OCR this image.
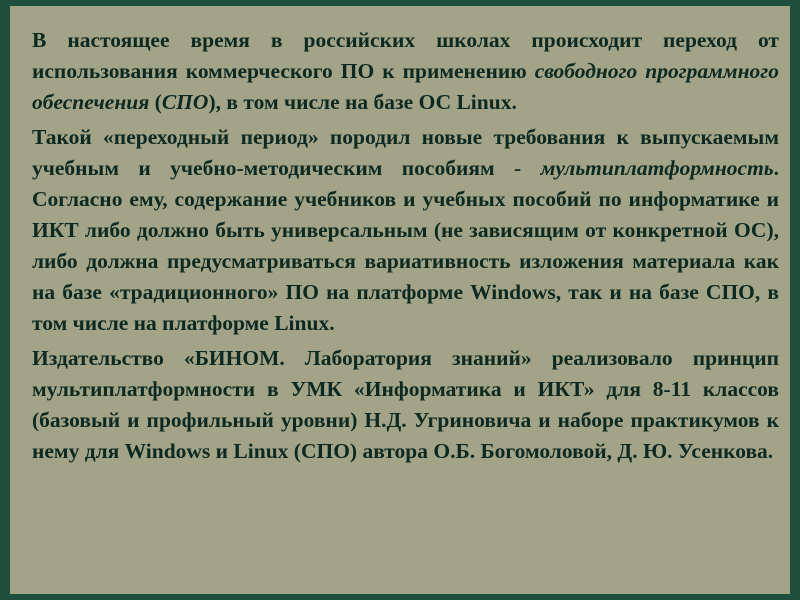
В настоящее время в российских школах происходит переход от использования коммерческого ПО к применению свободного программного обеспечения (СПО), в том числе на базе ОС Linux.

Такой «переходный период» породил новые требования к выпускаемым учебным и учебно-методическим пособиям - мультиплатформность. Согласно ему, содержание учебников и учебных пособий по информатике и ИКТ либо должно быть универсальным (не зависящим от конкретной ОС), либо должна предусматриваться вариативность изложения материала как на базе «традиционного» ПО на платформе Windows, так и на базе СПО, в том числе на платформе Linux.

Издательство «БИНОМ. Лаборатория знаний» реализовало принцип мультиплатформности в УМК «Информатика и ИКТ» для 8-11 классов (базовый и профильный уровни) Н.Д. Угриновича и наборе практикумов к нему для Windows и Linux (СПО) автора О.Б. Богомоловой, Д. Ю. Усенкова.
